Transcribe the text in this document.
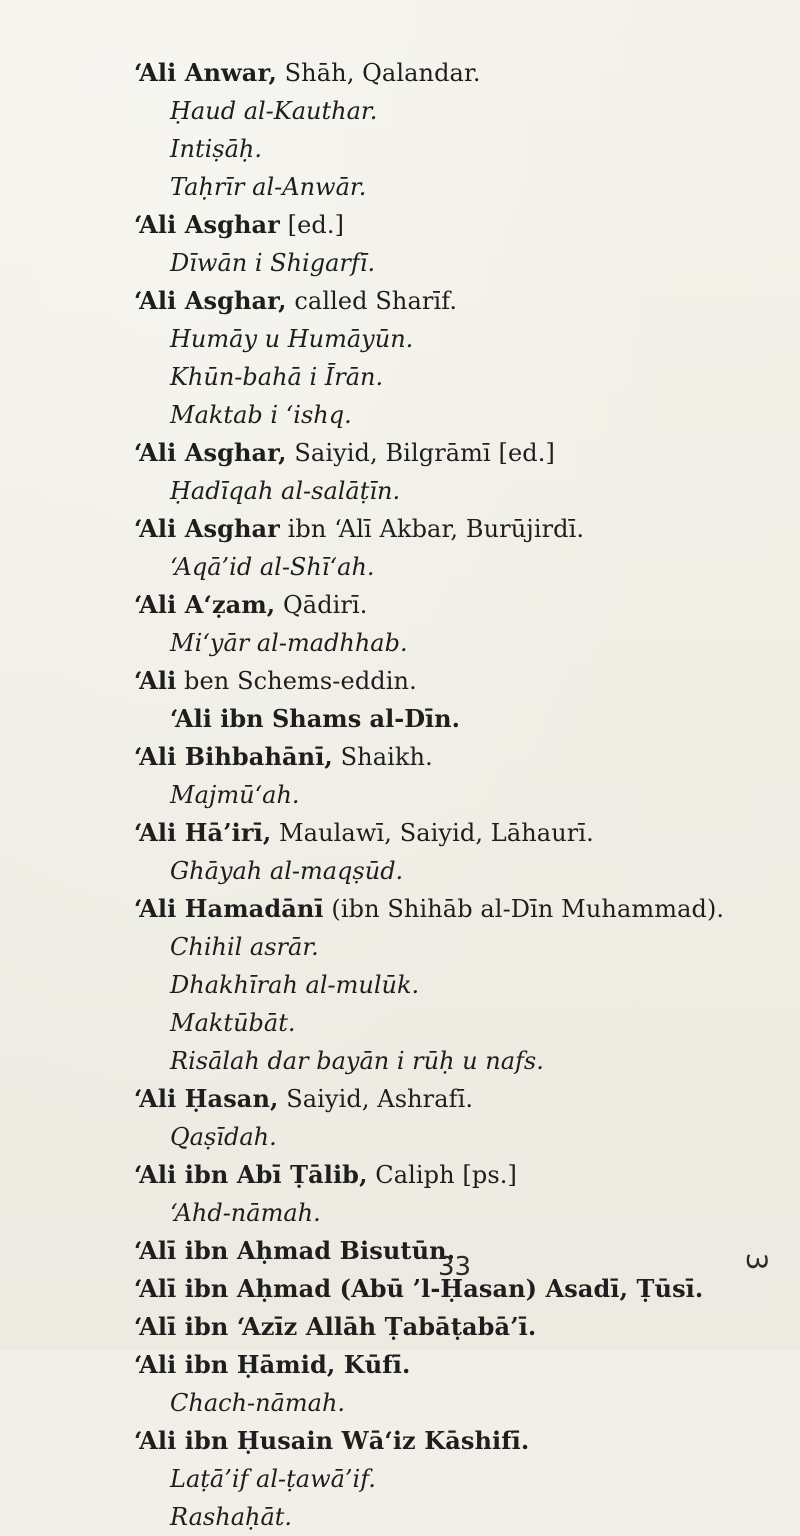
‘Ali Anwar, Shāh, Qalandar.
Ḥaud al-Kauthar.
Intiṣāḥ.
Taḥrīr al-Anwār.
‘Ali Asghar [ed.]
Dīwān i Shigarfī.
‘Ali Asghar, called Sharīf.
Humāy u Humāyūn.
Khūn-bahā i Īrān.
Maktab i ‘ishq.
‘Ali Asghar, Saiyid, Bilgrāmī [ed.]
Ḥadīqah al-salāṭīn.
‘Ali Asghar ibn ‘Alī Akbar, Burūjirdī.
‘Aqā’id al-Shī‘ah.
‘Ali A‘ẓam, Qādirī.
Mi‘yār al-madhhab.
‘Ali ben Schems-eddin.
‘Ali ibn Shams al-Dīn.
‘Ali Bihbahānī, Shaikh.
Majmū‘ah.
‘Ali Hā’irī, Maulawī, Saiyid, Lāhaurī.
Ghāyah al-maqṣūd.
‘Ali Hamadānī (ibn Shihāb al-Dīn Muhammad).
Chihil asrār.
Dhakhīrah al-mulūk.
Maktūbāt.
Risālah dar bayān i rūḥ u nafs.
‘Ali Ḥasan, Saiyid, Ashrafī.
Qaṣīdah.
‘Ali ibn Abī Ṭālib, Caliph [ps.]
‘Ahd-nāmah.
‘Alī ibn Aḥmad Bisutūn.
‘Alī ibn Aḥmad (Abū ’l-Ḥasan) Asadī, Ṭūsī.
‘Alī ibn ‘Azīz Allāh Ṭabāṭabā’ī.
‘Ali ibn Ḥāmid, Kūfī.
Chach-nāmah.
‘Ali ibn Ḥusain Wā‘iz Kāshifī.
Laṭā’if al-ṭawā’if.
Rashaḥāt.
33	3
